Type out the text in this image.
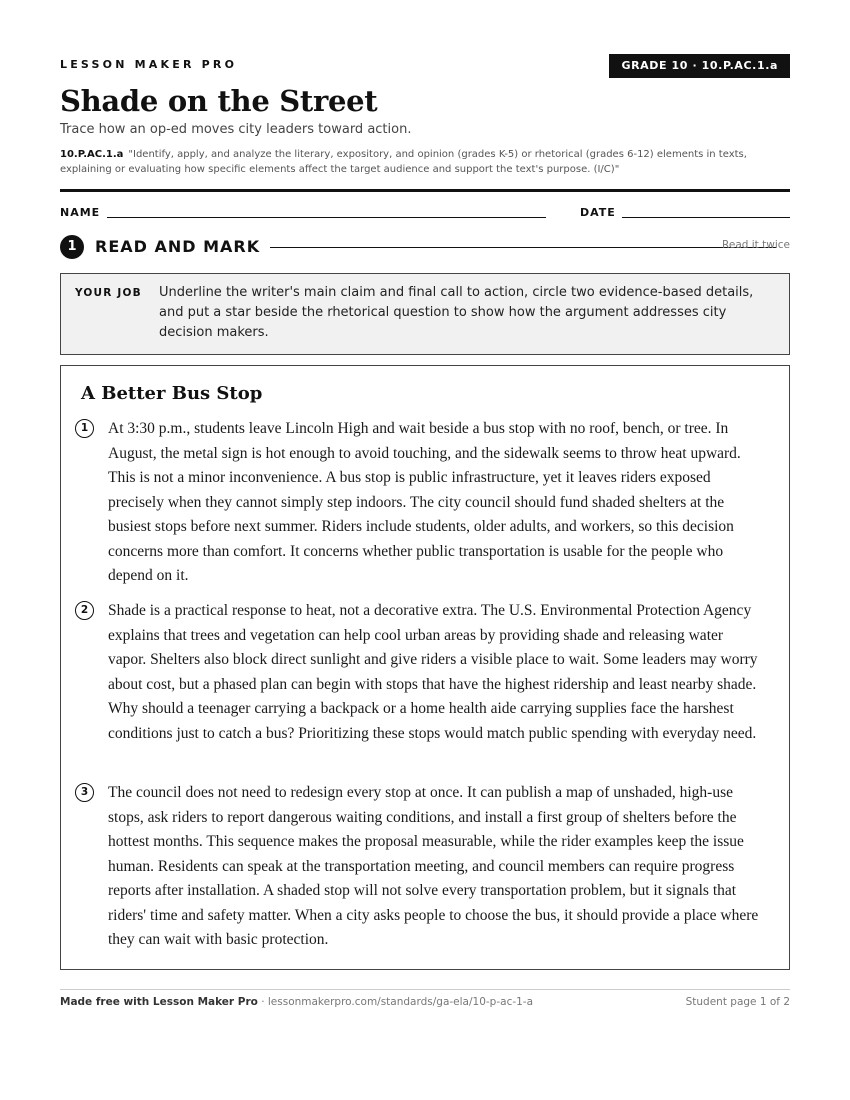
LESSON MAKER PRO	GRADE 10 · 10.P.AC.1.a
Shade on the Street
Trace how an op-ed moves city leaders toward action.
10.P.AC.1.a "Identify, apply, and analyze the literary, expository, and opinion (grades K-5) or rhetorical (grades 6-12) elements in texts, explaining or evaluating how specific elements affect the target audience and support the text's purpose. (I/C)"
NAME	DATE
1	READ AND MARK	Read it twice
YOUR JOB Underline the writer's main claim and final call to action, circle two evidence-based details, and put a star beside the rhetorical question to show how the argument addresses city decision makers.
A Better Bus Stop
1	At 3:30 p.m., students leave Lincoln High and wait beside a bus stop with no roof, bench, or tree. In August, the metal sign is hot enough to avoid touching, and the sidewalk seems to throw heat upward. This is not a minor inconvenience. A bus stop is public infrastructure, yet it leaves riders exposed precisely when they cannot simply step indoors. The city council should fund shaded shelters at the busiest stops before next summer. Riders include students, older adults, and workers, so this decision concerns more than comfort. It concerns whether public transportation is usable for the people who depend on it.
2	Shade is a practical response to heat, not a decorative extra. The U.S. Environmental Protection Agency explains that trees and vegetation can help cool urban areas by providing shade and releasing water vapor. Shelters also block direct sunlight and give riders a visible place to wait. Some leaders may worry about cost, but a phased plan can begin with stops that have the highest ridership and least nearby shade. Why should a teenager carrying a backpack or a home health aide carrying supplies face the harshest conditions just to catch a bus? Prioritizing these stops would match public spending with everyday need.
3	The council does not need to redesign every stop at once. It can publish a map of unshaded, high-use stops, ask riders to report dangerous waiting conditions, and install a first group of shelters before the hottest months. This sequence makes the proposal measurable, while the rider examples keep the issue human. Residents can speak at the transportation meeting, and council members can require progress reports after installation. A shaded stop will not solve every transportation problem, but it signals that riders' time and safety matter. When a city asks people to choose the bus, it should provide a place where they can wait with basic protection.
Made free with Lesson Maker Pro · lessonmakerpro.com/standards/ga-ela/10-p-ac-1-a	Student page 1 of 2
